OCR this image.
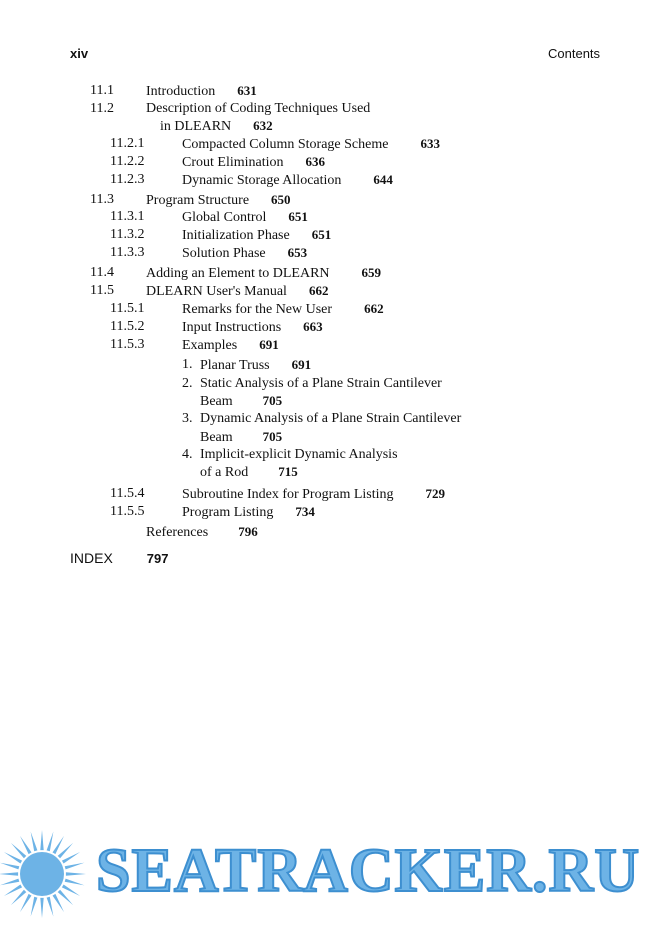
xiv	Contents
11.1 Introduction 631
11.2 Description of Coding Techniques Used
in DLEARN 632
11.2.1	Compacted Column Storage Scheme 633
11.2.2	Crout Elimination 636
11.2.3	Dynamic Storage Allocation 644
11.3 Program Structure 650
11.3.1	Global Control 651
11.3.2	Initialization Phase 651
11.3.3	Solution Phase 653
11.4 Adding an Element to DLEARN 659
11.5 DLEARN User's Manual 662
11.5.1	Remarks for the New User 662
11.5.2	Input Instructions 663
11.5.3	Examples 691
1. Planar Truss 691
2. Static Analysis of a Plane Strain Cantilever
Beam 705
3. Dynamic Analysis of a Plane Strain Cantilever
Beam 705
4. Implicit-explicit Dynamic Analysis
of a Rod 715
11.5.4	Subroutine Index for Program Listing 729
11.5.5	Program Listing 734
References 796
INDEX	797
SEATRACKER.RU
